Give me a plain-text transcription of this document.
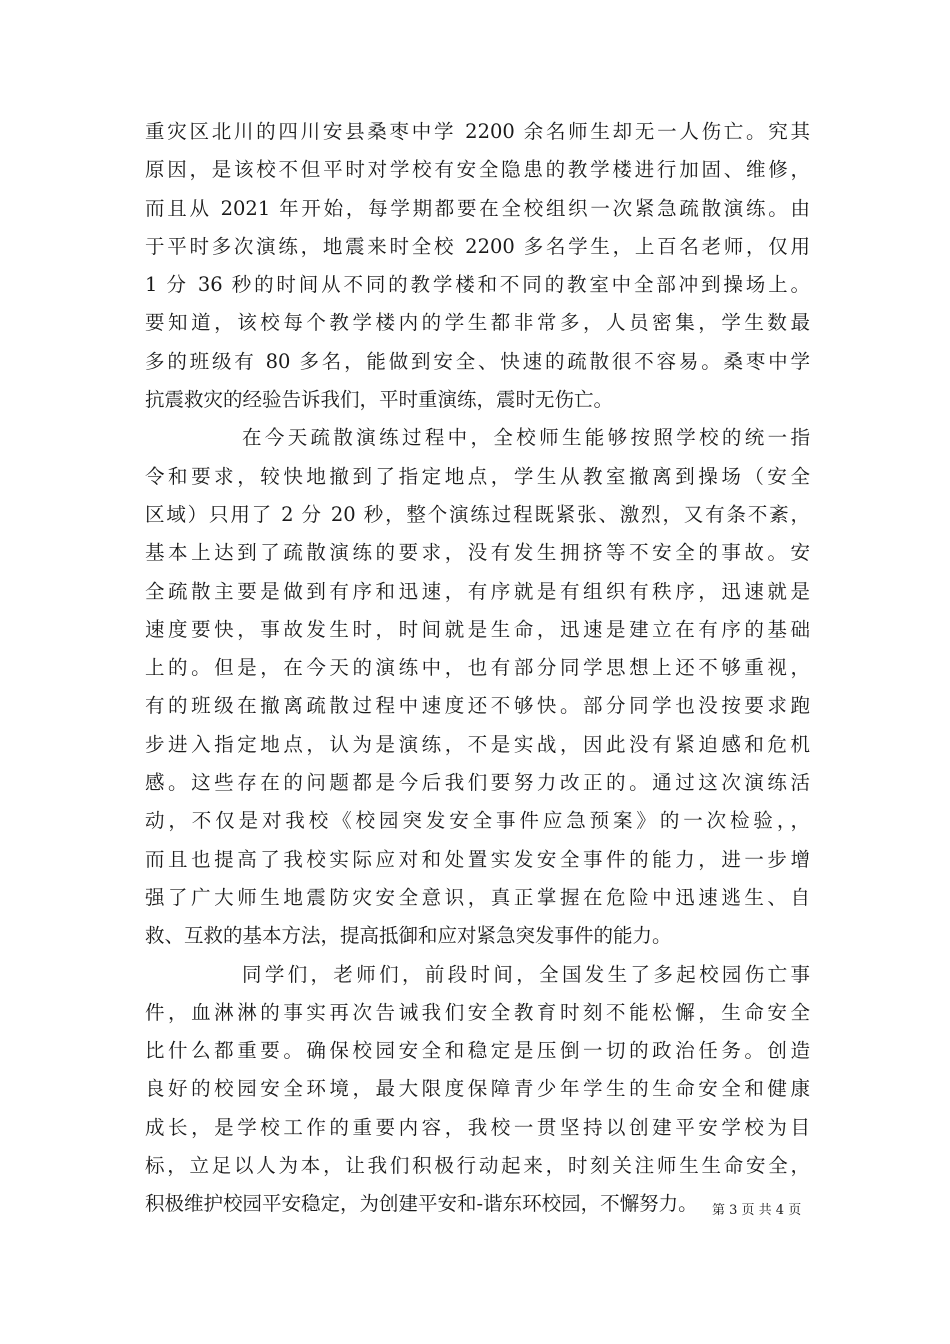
重灾区北川的四川安县桑枣中学 2200 余名师生却无一人伤亡。究其
原因，是该校不但平时对学校有安全隐患的教学楼进行加固、维修，
而且从 2021 年开始，每学期都要在全校组织一次紧急疏散演练。由
于平时多次演练，地震来时全校 2200 多名学生，上百名老师，仅用
1 分 36 秒的时间从不同的教学楼和不同的教室中全部冲到操场上。
要知道，该校每个教学楼内的学生都非常多，人员密集，学生数最
多的班级有 80 多名，能做到安全、快速的疏散很不容易。桑枣中学
抗震救灾的经验告诉我们，平时重演练，震时无伤亡。
在今天疏散演练过程中，全校师生能够按照学校的统一指
令和要求，较快地撤到了指定地点，学生从教室撤离到操场（安全
区域）只用了 2 分 20 秒，整个演练过程既紧张、激烈，又有条不紊，
基本上达到了疏散演练的要求，没有发生拥挤等不安全的事故。安
全疏散主要是做到有序和迅速，有序就是有组织有秩序，迅速就是
速度要快，事故发生时，时间就是生命，迅速是建立在有序的基础
上的。但是，在今天的演练中，也有部分同学思想上还不够重视，
有的班级在撤离疏散过程中速度还不够快。部分同学也没按要求跑
步进入指定地点，认为是演练，不是实战，因此没有紧迫感和危机
感。这些存在的问题都是今后我们要努力改正的。通过这次演练活
动，不仅是对我校《校园突发安全事件应急预案》的一次检验，，
而且也提高了我校实际应对和处置实发安全事件的能力，进一步增
强了广大师生地震防灾安全意识，真正掌握在危险中迅速逃生、自
救、互救的基本方法，提高抵御和应对紧急突发事件的能力。
同学们，老师们，前段时间，全国发生了多起校园伤亡事
件，血淋淋的事实再次告诫我们安全教育时刻不能松懈，生命安全
比什么都重要。确保校园安全和稳定是压倒一切的政治任务。创造
良好的校园安全环境，最大限度保障青少年学生的生命安全和健康
成长，是学校工作的重要内容，我校一贯坚持以创建平安学校为目
标，立足以人为本，让我们积极行动起来，时刻关注师生生命安全，
积极维护校园平安稳定，为创建平安和-谐东环校园，不懈努力。	第 3 页 共 4 页
